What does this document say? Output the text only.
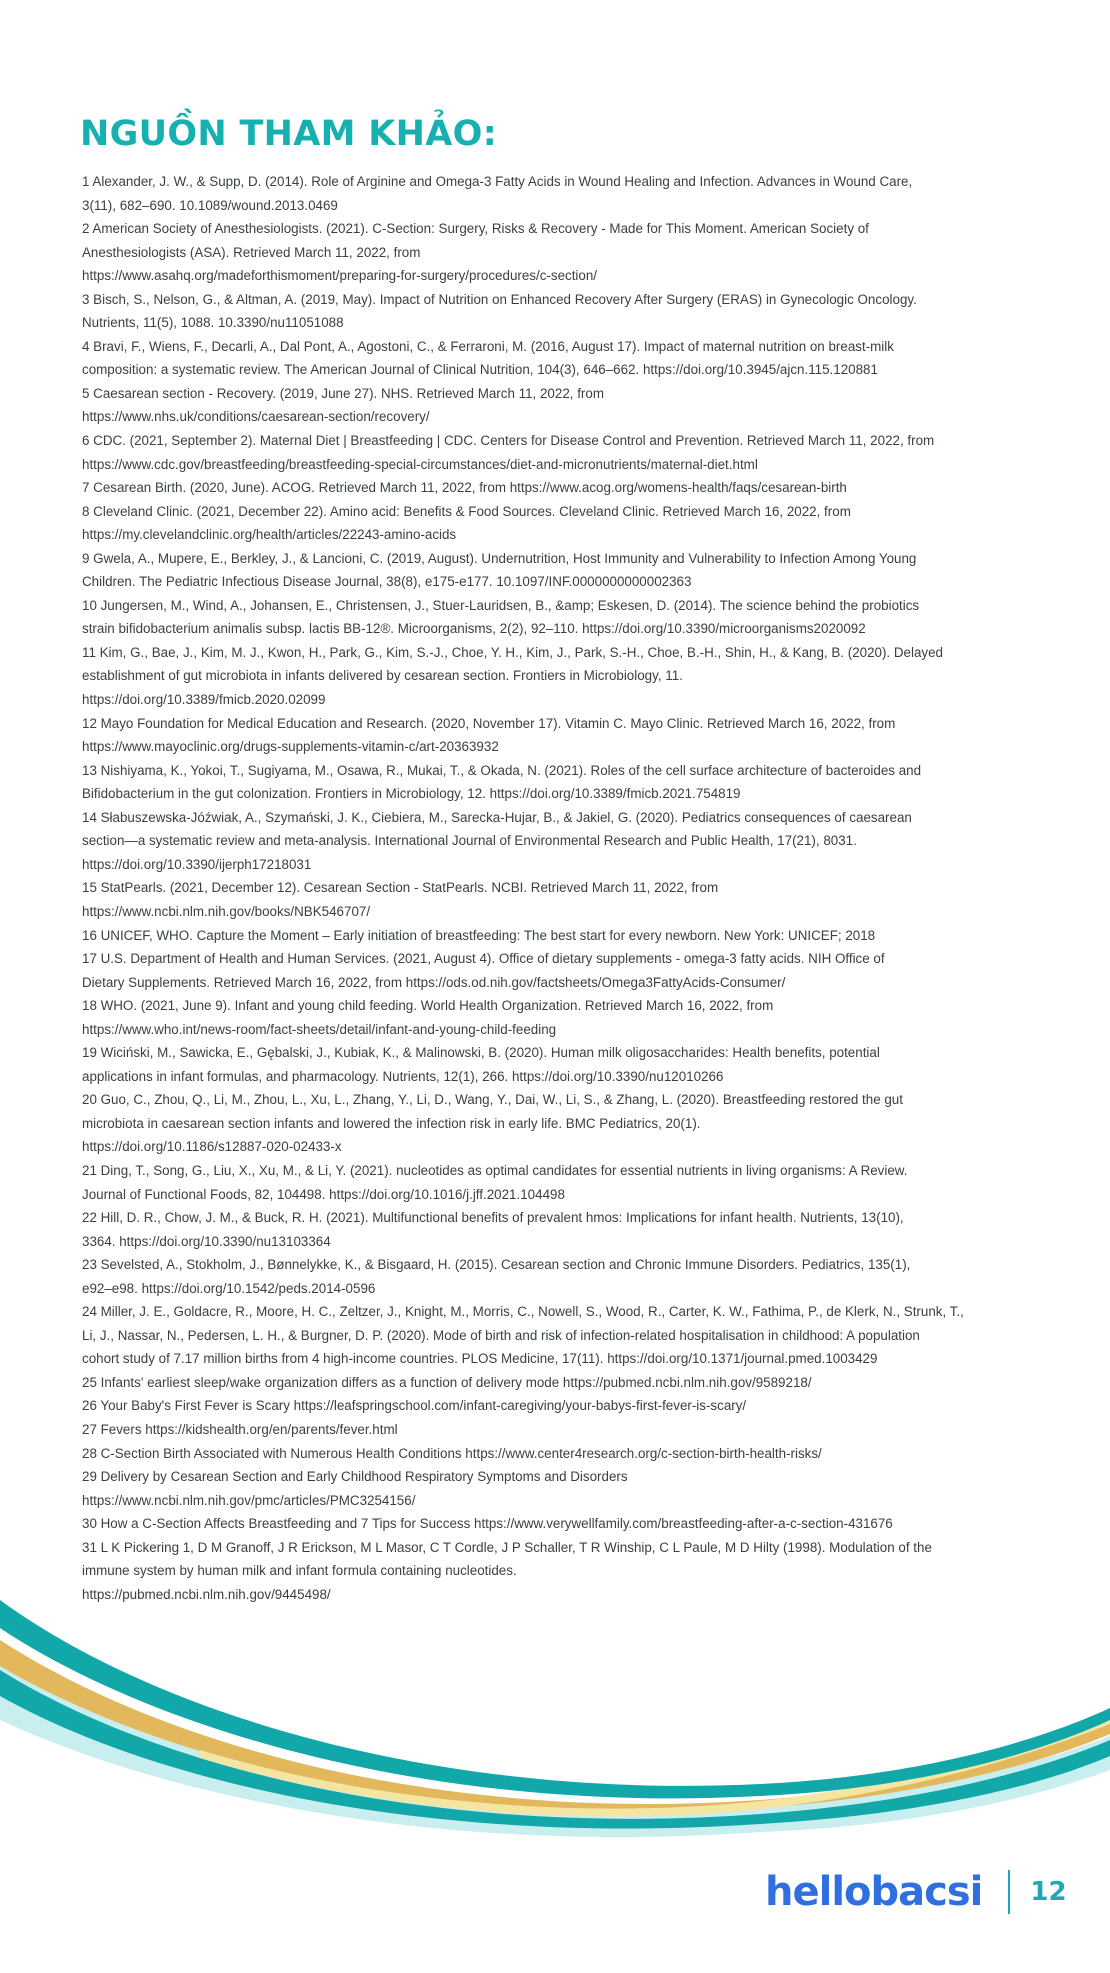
NGUỒN THAM KHẢO:

1 Alexander, J. W., & Supp, D. (2014). Role of Arginine and Omega-3 Fatty Acids in Wound Healing and Infection. Advances in Wound Care,
3(11), 682–690. 10.1089/wound.2013.0469

2 American Society of Anesthesiologists. (2021). C-Section: Surgery, Risks & Recovery - Made for This Moment. American Society of
Anesthesiologists (ASA). Retrieved March 11, 2022, from
https://www.asahq.org/madeforthismoment/preparing-for-surgery/procedures/c-section/

3 Bisch, S., Nelson, G., & Altman, A. (2019, May). Impact of Nutrition on Enhanced Recovery After Surgery (ERAS) in Gynecologic Oncology.
Nutrients, 11(5), 1088. 10.3390/nu11051088

4 Bravi, F., Wiens, F., Decarli, A., Dal Pont, A., Agostoni, C., & Ferraroni, M. (2016, August 17). Impact of maternal nutrition on breast-milk
composition: a systematic review. The American Journal of Clinical Nutrition, 104(3), 646–662. https://doi.org/10.3945/ajcn.115.120881

5 Caesarean section - Recovery. (2019, June 27). NHS. Retrieved March 11, 2022, from
https://www.nhs.uk/conditions/caesarean-section/recovery/

6 CDC. (2021, September 2). Maternal Diet | Breastfeeding | CDC. Centers for Disease Control and Prevention. Retrieved March 11, 2022, from
https://www.cdc.gov/breastfeeding/breastfeeding-special-circumstances/diet-and-micronutrients/maternal-diet.html

7 Cesarean Birth. (2020, June). ACOG. Retrieved March 11, 2022, from https://www.acog.org/womens-health/faqs/cesarean-birth

8 Cleveland Clinic. (2021, December 22). Amino acid: Benefits & Food Sources. Cleveland Clinic. Retrieved March 16, 2022, from
https://my.clevelandclinic.org/health/articles/22243-amino-acids

9 Gwela, A., Mupere, E., Berkley, J., & Lancioni, C. (2019, August). Undernutrition, Host Immunity and Vulnerability to Infection Among Young
Children. The Pediatric Infectious Disease Journal, 38(8), e175-e177. 10.1097/INF.0000000000002363

10 Jungersen, M., Wind, A., Johansen, E., Christensen, J., Stuer-Lauridsen, B., &amp; Eskesen, D. (2014). The science behind the probiotics
strain bifidobacterium animalis subsp. lactis BB-12®. Microorganisms, 2(2), 92–110. https://doi.org/10.3390/microorganisms2020092

11 Kim, G., Bae, J., Kim, M. J., Kwon, H., Park, G., Kim, S.-J., Choe, Y. H., Kim, J., Park, S.-H., Choe, B.-H., Shin, H., & Kang, B. (2020). Delayed
establishment of gut microbiota in infants delivered by cesarean section. Frontiers in Microbiology, 11.
https://doi.org/10.3389/fmicb.2020.02099

12 Mayo Foundation for Medical Education and Research. (2020, November 17). Vitamin C. Mayo Clinic. Retrieved March 16, 2022, from
https://www.mayoclinic.org/drugs-supplements-vitamin-c/art-20363932

13 Nishiyama, K., Yokoi, T., Sugiyama, M., Osawa, R., Mukai, T., & Okada, N. (2021). Roles of the cell surface architecture of bacteroides and
Bifidobacterium in the gut colonization. Frontiers in Microbiology, 12. https://doi.org/10.3389/fmicb.2021.754819

14 Słabuszewska-Jóźwiak, A., Szymański, J. K., Ciebiera, M., Sarecka-Hujar, B., & Jakiel, G. (2020). Pediatrics consequences of caesarean
section—a systematic review and meta-analysis. International Journal of Environmental Research and Public Health, 17(21), 8031.
https://doi.org/10.3390/ijerph17218031

15 StatPearls. (2021, December 12). Cesarean Section - StatPearls. NCBI. Retrieved March 11, 2022, from
https://www.ncbi.nlm.nih.gov/books/NBK546707/

16 UNICEF, WHO. Capture the Moment – Early initiation of breastfeeding: The best start for every newborn. New York: UNICEF; 2018

17 U.S. Department of Health and Human Services. (2021, August 4). Office of dietary supplements - omega-3 fatty acids. NIH Office of
Dietary Supplements. Retrieved March 16, 2022, from https://ods.od.nih.gov/factsheets/Omega3FattyAcids-Consumer/

18 WHO. (2021, June 9). Infant and young child feeding. World Health Organization. Retrieved March 16, 2022, from
https://www.who.int/news-room/fact-sheets/detail/infant-and-young-child-feeding

19 Wiciński, M., Sawicka, E., Gębalski, J., Kubiak, K., & Malinowski, B. (2020). Human milk oligosaccharides: Health benefits, potential
applications in infant formulas, and pharmacology. Nutrients, 12(1), 266. https://doi.org/10.3390/nu12010266

20 Guo, C., Zhou, Q., Li, M., Zhou, L., Xu, L., Zhang, Y., Li, D., Wang, Y., Dai, W., Li, S., & Zhang, L. (2020). Breastfeeding restored the gut
microbiota in caesarean section infants and lowered the infection risk in early life. BMC Pediatrics, 20(1).
https://doi.org/10.1186/s12887-020-02433-x

21 Ding, T., Song, G., Liu, X., Xu, M., & Li, Y. (2021). nucleotides as optimal candidates for essential nutrients in living organisms: A Review.
Journal of Functional Foods, 82, 104498. https://doi.org/10.1016/j.jff.2021.104498

22 Hill, D. R., Chow, J. M., & Buck, R. H. (2021). Multifunctional benefits of prevalent hmos: Implications for infant health. Nutrients, 13(10),
3364. https://doi.org/10.3390/nu13103364

23 Sevelsted, A., Stokholm, J., Bønnelykke, K., & Bisgaard, H. (2015). Cesarean section and Chronic Immune Disorders. Pediatrics, 135(1),
e92–e98. https://doi.org/10.1542/peds.2014-0596

24 Miller, J. E., Goldacre, R., Moore, H. C., Zeltzer, J., Knight, M., Morris, C., Nowell, S., Wood, R., Carter, K. W., Fathima, P., de Klerk, N., Strunk, T.,
Li, J., Nassar, N., Pedersen, L. H., & Burgner, D. P. (2020). Mode of birth and risk of infection-related hospitalisation in childhood: A population
cohort study of 7.17 million births from 4 high-income countries. PLOS Medicine, 17(11). https://doi.org/10.1371/journal.pmed.1003429

25 Infants' earliest sleep/wake organization differs as a function of delivery mode https://pubmed.ncbi.nlm.nih.gov/9589218/

26 Your Baby's First Fever is Scary https://leafspringschool.com/infant-caregiving/your-babys-first-fever-is-scary/

27 Fevers https://kidshealth.org/en/parents/fever.html

28 C-Section Birth Associated with Numerous Health Conditions https://www.center4research.org/c-section-birth-health-risks/

29 Delivery by Cesarean Section and Early Childhood Respiratory Symptoms and Disorders
https://www.ncbi.nlm.nih.gov/pmc/articles/PMC3254156/

30 How a C-Section Affects Breastfeeding and 7 Tips for Success https://www.verywellfamily.com/breastfeeding-after-a-c-section-431676

31 L K Pickering 1, D M Granoff, J R Erickson, M L Masor, C T Cordle, J P Schaller, T R Winship, C L Paule, M D Hilty (1998). Modulation of the
immune system by human milk and infant formula containing nucleotides.
https://pubmed.ncbi.nlm.nih.gov/9445498/

hellobacsi 12
